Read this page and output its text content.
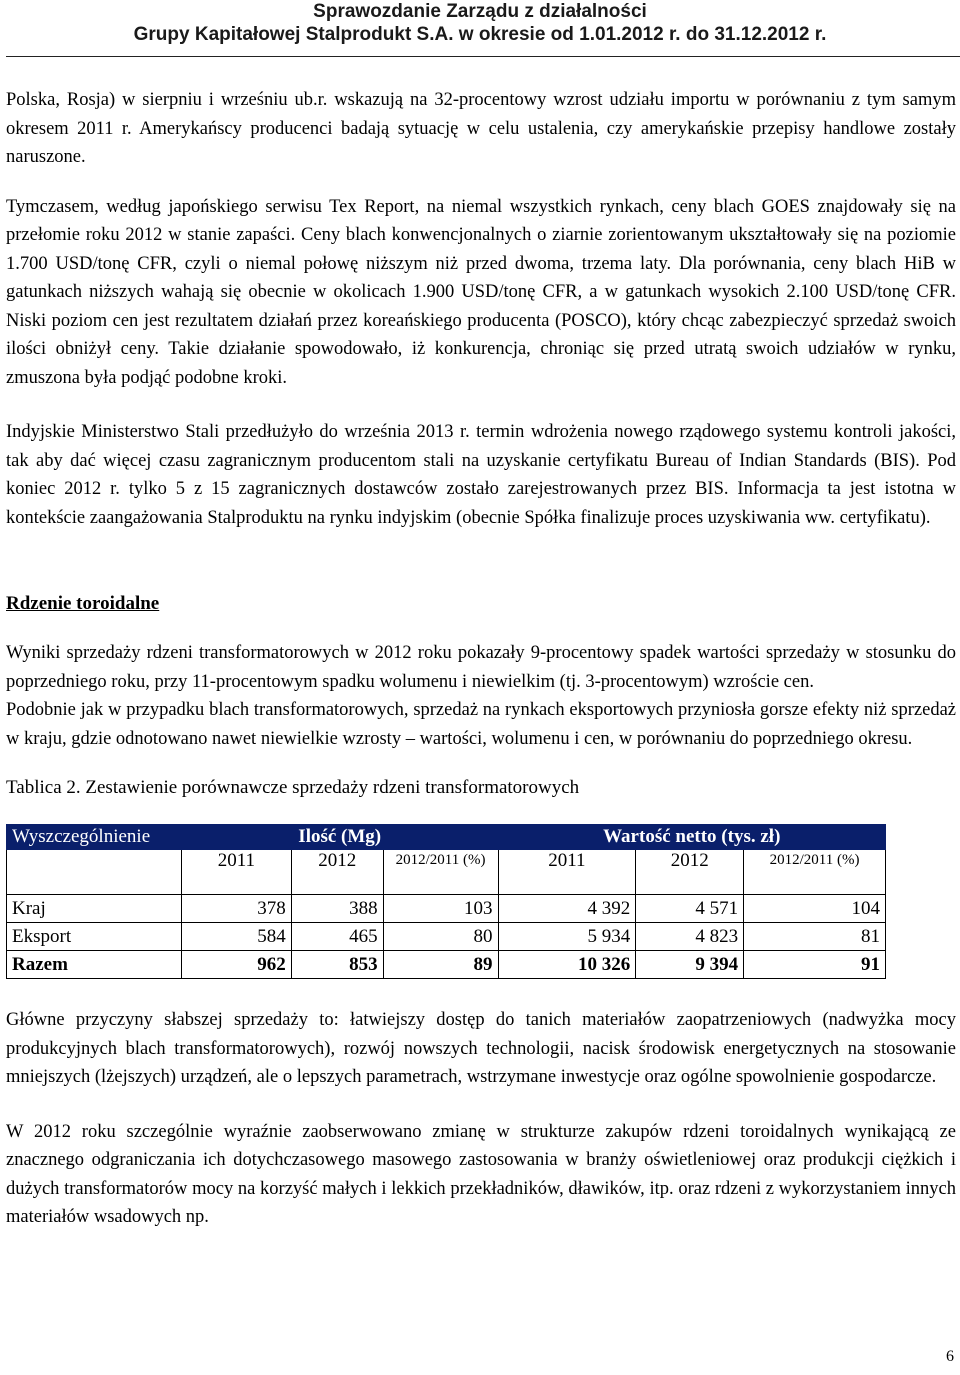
Sprawozdanie Zarządu z działalności
Grupy Kapitałowej Stalprodukt S.A. w okresie od 1.01.2012 r. do 31.12.2012 r.

Polska, Rosja) w sierpniu i wrześniu ub.r. wskazują na 32-procentowy wzrost udziału importu w porównaniu z tym samym okresem 2011 r. Amerykańscy producenci badają sytuację w celu ustalenia, czy amerykańskie przepisy handlowe zostały naruszone.

Tymczasem, według japońskiego serwisu Tex Report, na niemal wszystkich rynkach, ceny blach GOES znajdowały się na przełomie roku 2012 w stanie zapaści. Ceny blach konwencjonalnych o ziarnie zorientowanym ukształtowały się na poziomie 1.700 USD/tonę CFR, czyli o niemal połowę niższym niż przed dwoma, trzema laty. Dla porównania, ceny blach HiB w gatunkach niższych wahają się obecnie w okolicach 1.900 USD/tonę CFR, a w gatunkach wysokich 2.100 USD/tonę CFR. Niski poziom cen jest rezultatem działań przez koreańskiego producenta (POSCO), który chcąc zabezpieczyć sprzedaż swoich ilości obniżył ceny. Takie działanie spowodowało, iż konkurencja, chroniąc się przed utratą swoich udziałów w rynku, zmuszona była podjąć podobne kroki.

Indyjskie Ministerstwo Stali przedłużyło do września 2013 r. termin wdrożenia nowego rządowego systemu kontroli jakości, tak aby dać więcej czasu zagranicznym producentom stali na uzyskanie certyfikatu Bureau of Indian Standards (BIS). Pod koniec 2012 r. tylko 5 z 15 zagranicznych dostawców zostało zarejestrowanych przez BIS. Informacja ta jest istotna w kontekście zaangażowania Stalproduktu na rynku indyjskim (obecnie Spółka finalizuje proces uzyskiwania ww. certyfikatu).

Rdzenie toroidalne

Wyniki sprzedaży rdzeni transformatorowych w 2012 roku pokazały 9-procentowy spadek wartości sprzedaży w stosunku do poprzedniego roku, przy 11-procentowym spadku wolumenu i niewielkim (tj. 3-procentowym) wzroście cen.

Podobnie jak w przypadku blach transformatorowych, sprzedaż na rynkach eksportowych przyniosła gorsze efekty niż sprzedaż w kraju, gdzie odnotowano nawet niewielkie wzrosty – wartości, wolumenu i cen, w porównaniu do poprzedniego okresu.

Tablica 2. Zestawienie porównawcze sprzedaży rdzeni transformatorowych

Wyszczególnienie	Ilość (Mg)			Wartość netto (tys. zł)		
	2011	2012	2012/2011 (%)	2011	2012	2012/2011 (%)
Kraj	378	388	103	4 392	4 571	104
Eksport	584	465	80	5 934	4 823	81
Razem	962	853	89	10 326	9 394	91

Główne przyczyny słabszej sprzedaży to: łatwiejszy dostęp do tanich materiałów zaopatrzeniowych (nadwyżka mocy produkcyjnych blach transformatorowych), rozwój nowszych technologii, nacisk środowisk energetycznych na stosowanie mniejszych (lżejszych) urządzeń, ale o lepszych parametrach, wstrzymane inwestycje oraz ogólne spowolnienie gospodarcze.

W 2012 roku szczególnie wyraźnie zaobserwowano zmianę w strukturze zakupów rdzeni toroidalnych wynikającą ze znacznego odgraniczania ich dotychczasowego masowego zastosowania w branży oświetleniowej oraz produkcji ciężkich i dużych transformatorów mocy na korzyść małych i lekkich przekładników, dławików, itp. oraz rdzeni z wykorzystaniem innych materiałów wsadowych np.

6
